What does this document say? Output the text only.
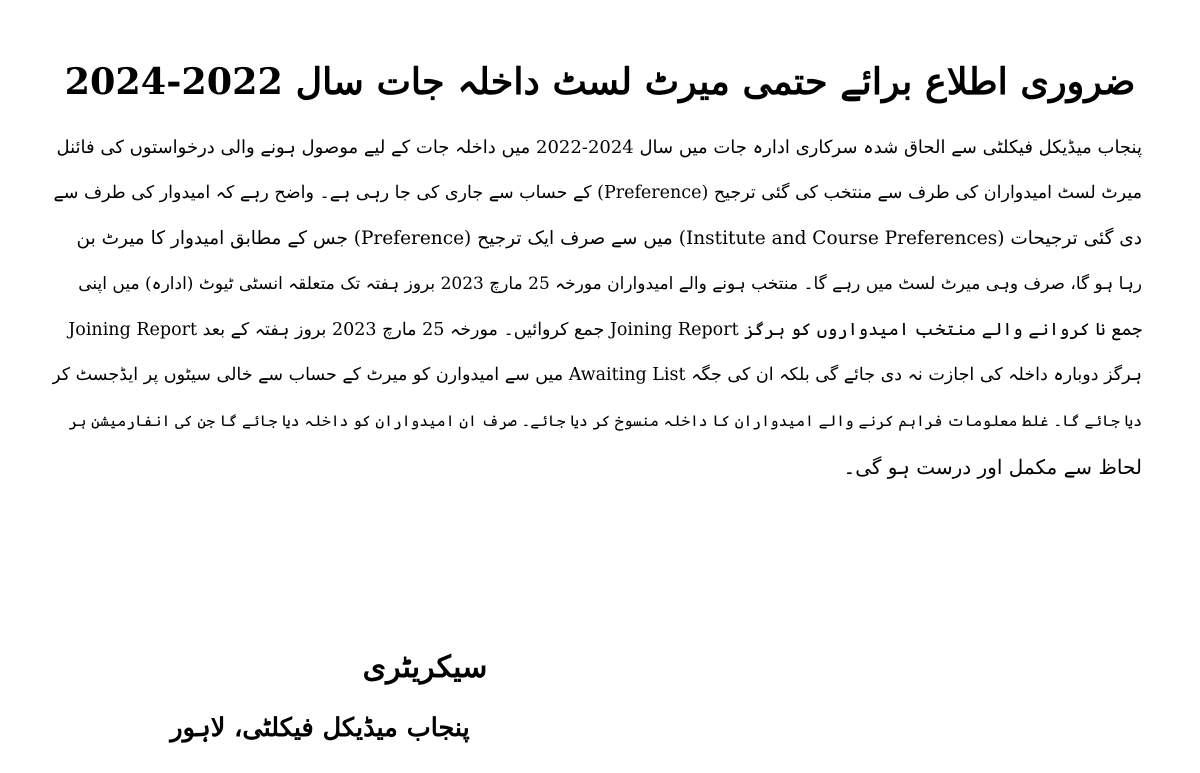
ضروری اطلاع برائے حتمی میرٹ لسٹ داخلہ جات سال 2022-2024
پنجاب میڈیکل فیکلٹی سے الحاق شدہ سرکاری ادارہ جات میں سال 2024-2022 میں داخلہ جات کے لیے موصول ہونے والی درخواستوں کی فائنل
میرٹ لسٹ امیدواران کی طرف سے منتخب کی گئی ترجیح (Preference) کے حساب سے جاری کی جا رہی ہے۔ واضح رہے کہ امیدوار کی طرف سے
دی گئی ترجیحات (Institute and Course Preferences) میں سے صرف ایک ترجیح (Preference) جس کے مطابق امیدوار کا میرٹ بن
رہا ہو گا، صرف وہی میرٹ لسٹ میں رہے گا۔ منتخب ہونے والے امیدواران مورخہ 25 مارچ 2023 بروز ہفتہ تک متعلقہ انسٹی ٹیوٹ (ادارہ) میں اپنی
Joining Report جمع کروائیں۔ مورخہ 25 مارچ 2023 بروز ہفتہ کے بعد Joining Report جمع نا کروانے والے منتخب امیدواروں کو ہرگز
ہرگز دوبارہ داخلہ کی اجازت نہ دی جائے گی بلکہ ان کی جگہ Awaiting List میں سے امیدوارن کو میرٹ کے حساب سے خالی سیٹوں پر ایڈجسٹ کر
دیا جائے گا۔ غلط معلومات فراہم کرنے والے امیدواران کا داخلہ منسوخ کر دیا جائے۔ صرف ان امیدواران کو داخلہ دیا جائے گا جن کی انفارمیشن ہر
لحاظ سے مکمل اور درست ہو گی۔
سیکریٹری
پنجاب میڈیکل فیکلٹی، لاہور
